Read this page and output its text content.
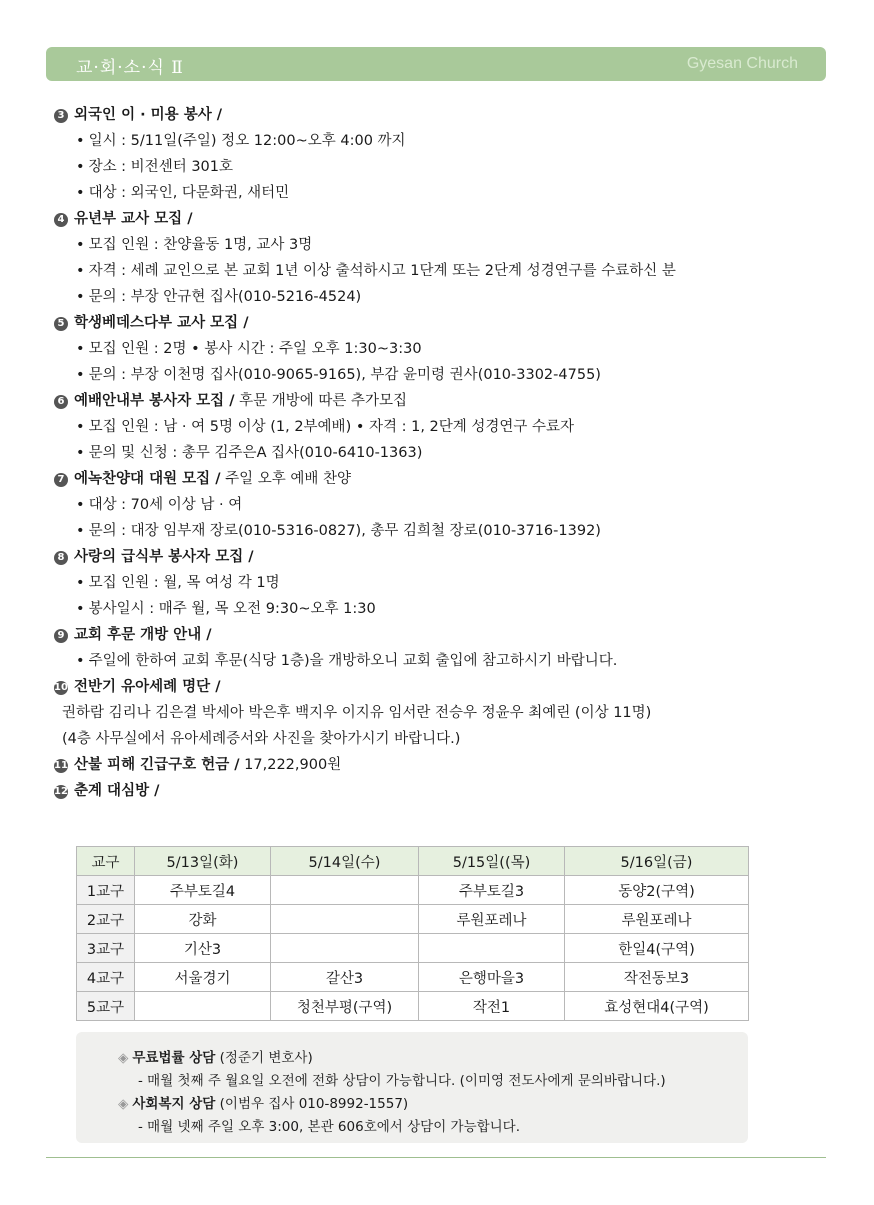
교·회·소·식 Ⅱ	Gyesan Church
3 외국인 이 · 미용 봉사 /
• 일시 : 5/11일(주일) 정오 12:00~오후 4:00 까지
• 장소 : 비전센터 301호
• 대상 : 외국인, 다문화권, 새터민
4 유년부 교사 모집 /
• 모집 인원 : 찬양율동 1명, 교사 3명
• 자격 : 세례 교인으로 본 교회 1년 이상 출석하시고 1단계 또는 2단계 성경연구를 수료하신 분
• 문의 : 부장 안규현 집사(010-5216-4524)
5 학생베데스다부 교사 모집 /
• 모집 인원 : 2명 • 봉사 시간 : 주일 오후 1:30~3:30
• 문의 : 부장 이천명 집사(010-9065-9165), 부감 윤미령 권사(010-3302-4755)
6 예배안내부 봉사자 모집 / 후문 개방에 따른 추가모집
• 모집 인원 : 남 · 여 5명 이상 (1, 2부예배) • 자격 : 1, 2단계 성경연구 수료자
• 문의 및 신청 : 총무 김주은A 집사(010-6410-1363)
7 에녹찬양대 대원 모집 / 주일 오후 예배 찬양
• 대상 : 70세 이상 남 · 여
• 문의 : 대장 임부재 장로(010-5316-0827), 총무 김희철 장로(010-3716-1392)
8 사랑의 급식부 봉사자 모집 /
• 모집 인원 : 월, 목 여성 각 1명
• 봉사일시 : 매주 월, 목 오전 9:30~오후 1:30
9 교회 후문 개방 안내 /
• 주일에 한하여 교회 후문(식당 1층)을 개방하오니 교회 출입에 참고하시기 바랍니다.
10 전반기 유아세례 명단 /
권하람 김리나 김은결 박세아 박은후 백지우 이지유 임서란 전승우 정윤우 최예린 (이상 11명)
(4층 사무실에서 유아세례증서와 사진을 찾아가시기 바랍니다.)
11 산불 피해 긴급구호 헌금 / 17,222,900원
12 춘계 대심방 /
교구	5/13일(화)	5/14일(수)	5/15일((목)	5/16일(금)
1교구	주부토길4		주부토길3	동양2(구역)
2교구	강화		루원포레나	루원포레나
3교구	기산3			한일4(구역)
4교구	서울경기	갈산3	은행마을3	작전동보3
5교구		청천부평(구역)	작전1	효성현대4(구역)
◈ 무료법률 상담 (정준기 변호사)
- 매월 첫째 주 월요일 오전에 전화 상담이 가능합니다. (이미영 전도사에게 문의바랍니다.)
◈ 사회복지 상담 (이범우 집사 010-8992-1557)
- 매월 넷째 주일 오후 3:00, 본관 606호에서 상담이 가능합니다.
